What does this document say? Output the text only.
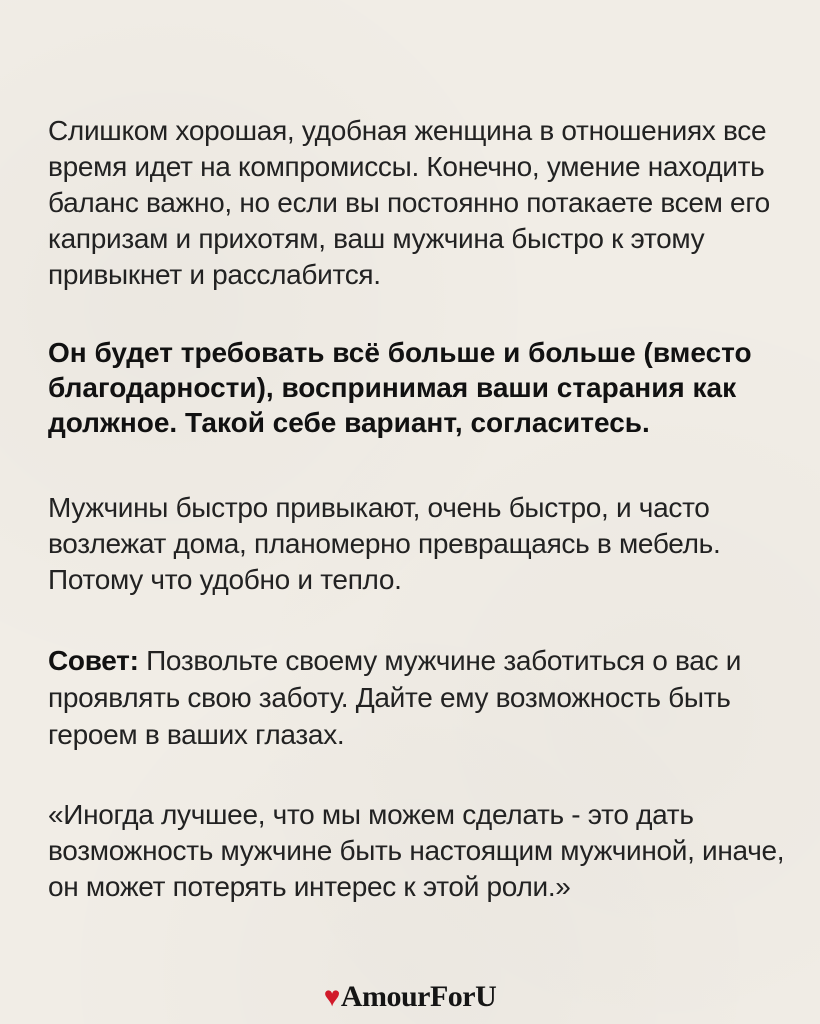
Слишком хорошая, удобная женщина в отношениях все время идет на компромиссы. Конечно, умение находить баланс важно, но если вы постоянно потакаете всем его капризам и прихотям, ваш мужчина быстро к этому привыкнет и расслабится.

Он будет требовать всё больше и больше (вместо благодарности), воспринимая ваши старания как должное. Такой себе вариант, согласитесь.

Мужчины быстро привыкают, очень быстро, и часто возлежат дома, планомерно превращаясь в мебель. Потому что удобно и тепло.

Совет: Позвольте своему мужчине заботиться о вас и проявлять свою заботу. Дайте ему возможность быть героем в ваших глазах.

«Иногда лучшее, что мы можем сделать - это дать возможность мужчине быть настоящим мужчиной, иначе, он может потерять интерес к этой роли.»

♥AmourForU
